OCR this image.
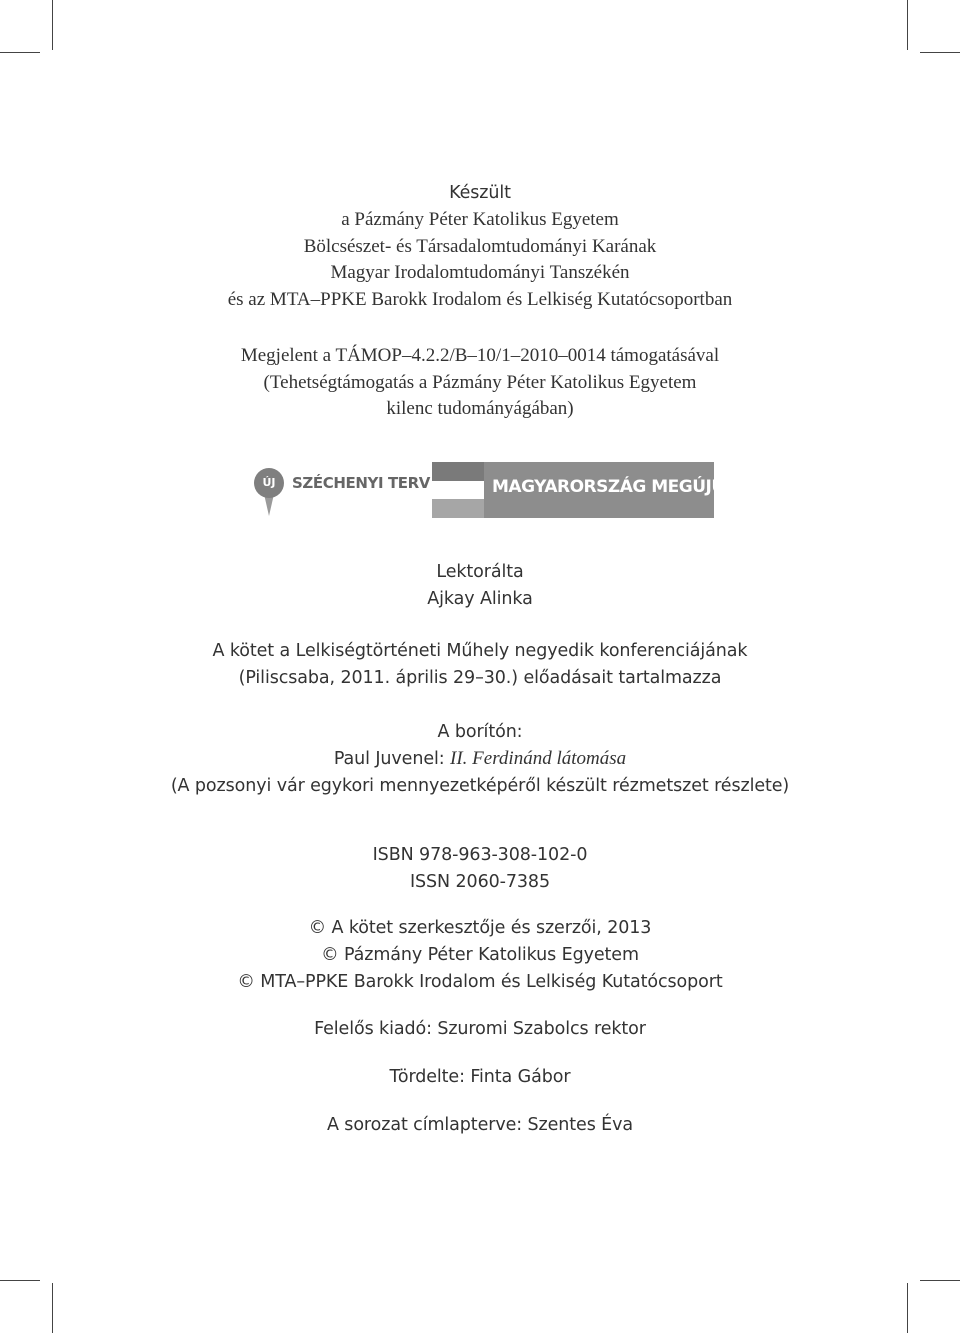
Készült
a Pázmány Péter Katolikus Egyetem
Bölcsészet- és Társadalomtudományi Karának
Magyar Irodalomtudományi Tanszékén
és az MTA–PPKE Barokk Irodalom és Lelkiség Kutatócsoportban
Megjelent a TÁMOP–4.2.2/B–10/1–2010–0014 támogatásával
(Tehetségtámogatás a Pázmány Péter Katolikus Egyetem
kilenc tudományágában)
ÚJ	SZÉCHENYI TERV	MAGYARORSZÁG MEGÚJUL
Lektorálta
Ajkay Alinka
A kötet a Lelkiségtörténeti Műhely negyedik konferenciájának
(Piliscsaba, 2011. április 29–30.) előadásait tartalmazza
A borítón:
Paul Juvenel: II. Ferdinánd látomása
(A pozsonyi vár egykori mennyezetképéről készült rézmetszet részlete)
ISBN 978-963-308-102-0
ISSN 2060-7385
© A kötet szerkesztője és szerzői, 2013
© Pázmány Péter Katolikus Egyetem
© MTA–PPKE Barokk Irodalom és Lelkiség Kutatócsoport
Felelős kiadó: Szuromi Szabolcs rektor
Tördelte: Finta Gábor
A sorozat címlapterve: Szentes Éva
